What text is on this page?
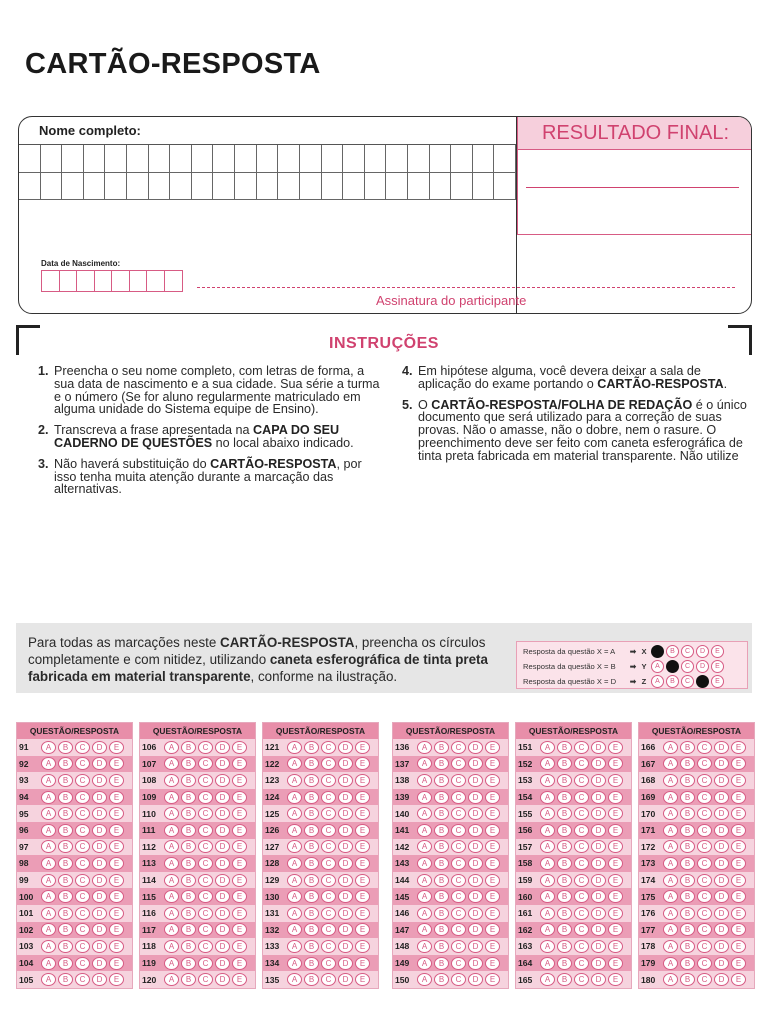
CARTÃO-RESPOSTA
Nome completo:	RESULTADO FINAL:
Data de Nascimento:
Assinatura do participante
INSTRUÇÕES
1. Preencha o seu nome completo, com letras de forma, a sua data de nascimento e a sua cidade. Sua série a turma e o número (Se for aluno regularmente matriculado em alguma unidade do Sistema equipe de Ensino).
2. Transcreva a frase apresentada na CAPA DO SEU CADERNO DE QUESTÕES no local abaixo indicado.
3. Não haverá substituição do CARTÃO-RESPOSTA, por isso tenha muita atenção durante a marcação das alternativas.
4. Em hipótese alguma, você devera deixar a sala de aplicação do exame portando o CARTÃO-RESPOSTA.
5. O CARTÃO-RESPOSTA/FOLHA DE REDAÇÃO é o único documento que será utilizado para a correção de suas provas. Não o amasse, não o dobre, nem o rasure. O preenchimento deve ser feito com caneta esferográfica de tinta preta fabricada em material transparente. Não utilize
Para todas as marcações neste CARTÃO-RESPOSTA, preencha os círculos completamente e com nitidez, utilizando caneta esferográfica de tinta preta fabricada em material transparente, conforme na ilustração.
Resposta da questão X = A	➡ X	A	B	C	D	E
Resposta da questão X = B	➡ Y	A	B	C	D	E
Resposta da questão X = D	➡ Z	A	B	C	D	E
QUESTÃO/RESPOSTA
91	A	B	C	D	E
92	A	B	C	D	E
93	A	B	C	D	E
94	A	B	C	D	E
95	A	B	C	D	E
96	A	B	C	D	E
97	A	B	C	D	E
98	A	B	C	D	E
99	A	B	C	D	E
100	A	B	C	D	E
101	A	B	C	D	E
102	A	B	C	D	E
103	A	B	C	D	E
104	A	B	C	D	E
105	A	B	C	D	E
QUESTÃO/RESPOSTA
106	A	B	C	D	E
107	A	B	C	D	E
108	A	B	C	D	E
109	A	B	C	D	E
110	A	B	C	D	E
111	A	B	C	D	E
112	A	B	C	D	E
113	A	B	C	D	E
114	A	B	C	D	E
115	A	B	C	D	E
116	A	B	C	D	E
117	A	B	C	D	E
118	A	B	C	D	E
119	A	B	C	D	E
120	A	B	C	D	E
QUESTÃO/RESPOSTA
121	A	B	C	D	E
122	A	B	C	D	E
123	A	B	C	D	E
124	A	B	C	D	E
125	A	B	C	D	E
126	A	B	C	D	E
127	A	B	C	D	E
128	A	B	C	D	E
129	A	B	C	D	E
130	A	B	C	D	E
131	A	B	C	D	E
132	A	B	C	D	E
133	A	B	C	D	E
134	A	B	C	D	E
135	A	B	C	D	E
QUESTÃO/RESPOSTA
136	A	B	C	D	E
137	A	B	C	D	E
138	A	B	C	D	E
139	A	B	C	D	E
140	A	B	C	D	E
141	A	B	C	D	E
142	A	B	C	D	E
143	A	B	C	D	E
144	A	B	C	D	E
145	A	B	C	D	E
146	A	B	C	D	E
147	A	B	C	D	E
148	A	B	C	D	E
149	A	B	C	D	E
150	A	B	C	D	E
QUESTÃO/RESPOSTA
151	A	B	C	D	E
152	A	B	C	D	E
153	A	B	C	D	E
154	A	B	C	D	E
155	A	B	C	D	E
156	A	B	C	D	E
157	A	B	C	D	E
158	A	B	C	D	E
159	A	B	C	D	E
160	A	B	C	D	E
161	A	B	C	D	E
162	A	B	C	D	E
163	A	B	C	D	E
164	A	B	C	D	E
165	A	B	C	D	E
QUESTÃO/RESPOSTA
166	A	B	C	D	E
167	A	B	C	D	E
168	A	B	C	D	E
169	A	B	C	D	E
170	A	B	C	D	E
171	A	B	C	D	E
172	A	B	C	D	E
173	A	B	C	D	E
174	A	B	C	D	E
175	A	B	C	D	E
176	A	B	C	D	E
177	A	B	C	D	E
178	A	B	C	D	E
179	A	B	C	D	E
180	A	B	C	D	E
